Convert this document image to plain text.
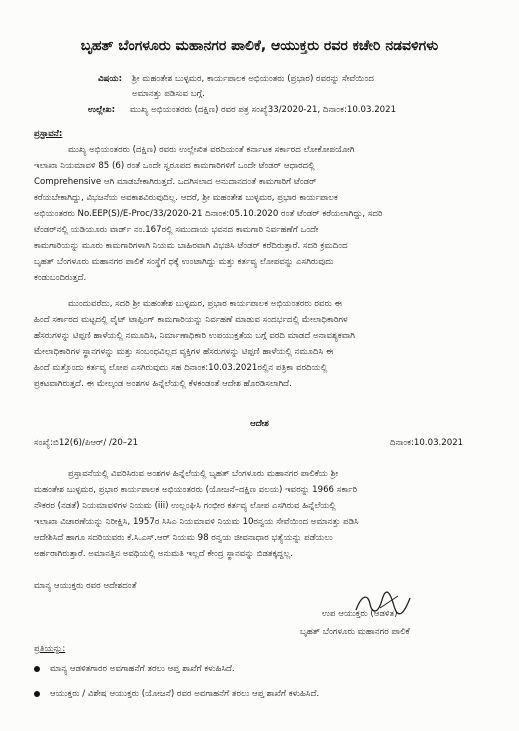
ಬೃಹತ್ ಬೆಂಗಳೂರು ಮಹಾನಗರ ಪಾಲಿಕೆ, ಆಯುಕ್ತರು ರವರ ಕಚೇರಿ ನಡವಳಿಗಳು
ವಿಷಯ: ಶ್ರೀ ಮಹಂತೇಶ ಬುಳ್ಳಮರ, ಕಾರ್ಯಪಾಲಕ ಅಭಿಯಂತರು (ಪ್ರಭಾರ) ರವರನ್ನು ಸೇವೆಯಿಂದ
ಅಮಾನತ್ತು ಪಡಿಸುವ ಬಗ್ಗೆ.
ಉಲ್ಲೇಖ: ಮುಖ್ಯ ಅಭಿಯಂತರರು (ದಕ್ಷಿಣ) ರವರ ಪತ್ರ ಸಂಖ್ಯೆ33/2020-21, ದಿನಾಂಕ:10.03.2021
ಪ್ರಸ್ತಾವನೆ:
ಮುಖ್ಯ ಅಭಿಯಂತರರು (ದಕ್ಷಿಣ) ರವರು ಉಲ್ಲೇಖಿತ ವರದಿಯಂತೆ ಕರ್ನಾಟಕ ಸರ್ಕಾರದ ಲೋಕೋಪಯೋಗಿ
ಇಲಾಖಾ ನಿಯಮಾವಳಿ 85 (6) ರಂತೆ ಒಂದೇ ಸ್ವರೂಪದ ಕಾಮಗಾರಿಗಳಿಗೆ ಒಂದೇ ಟೆಂಡರ್ ಆಧಾರದಲ್ಲಿ
Comprehensive ಆಗಿ ಮಾಡಬೇಕಾಗಿರುತ್ತದೆ. ಒದಗಿಸಲಾದ ಅನುದಾನದಂತೆ ಕಾಮಗಾರಿಗೆ ಟೆಂಡರ್
ಕರೆಯಬೇಕಾಗಿದ್ದು, ವಿಭಜನೆಯ ಅವಕಾಶವಿರುವುದಿಲ್ಲ. ಆದರೆ, ಶ್ರೀ ಮಹಂತೇಶ ಬುಳ್ಳಮರ, ಪ್ರಭಾರ ಕಾರ್ಯಪಾಲಕ
ಅಭಿಯಂತರರು No.EEP(S)/E-Proc/33/2020-21 ದಿನಾಂಕ:05.10.2020 ರಂತೆ ಟೆಂಡರ್ ಕರೆಯಲಾಗಿದ್ದು, ಸದರಿ
ಟೆಂಡರ್‌ನಲ್ಲಿ ಯಡಿಯೂರು ವಾರ್ಡ್ ನಂ.167ರಲ್ಲಿ ಸಮುದಾಯ ಭವನದ ಕಾಮಗಾರಿ ನಿರ್ವಹಣೆಗೆ ಒಂದೇ
ಕಾಮಗಾರಿಯನ್ನು ಮೂರು ಕಾಮಗಾರಿಗಳಾಗಿ ನಿಯಮ ಬಾಹಿರವಾಗಿ ವಿಭಜಿಸಿ ಟೆಂಡರ್ ಕರೆದಿರುತ್ತಾರೆ. ಸದರಿ ಕ್ರಮದಿಂದ
ಬೃಹತ್ ಬೆಂಗಳೂರು ಮಹಾನಗರ ಪಾಲಿಕೆ ಸಂಸ್ಥೆಗೆ ಧಕ್ಕೆ ಉಂಟಾಗಿದ್ದು ಮತ್ತು ಕರ್ತವ್ಯ ಲೋಪವನ್ನು ಎಸಗಿರುವುದು
ಕಂಡುಬಂದಿರುತ್ತದೆ.
ಮುಂದುವರೆದು, ಸದರಿ ಶ್ರೀ ಮಹಂತೇಶ ಬುಳ್ಳಮರ, ಪ್ರಭಾರ ಕಾರ್ಯಪಾಲಕ ಅಭಿಯಂತರರು ರವರು ಈ
ಹಿಂದೆ ಸರ್ಕಾರದ ಮಟ್ಟದಲ್ಲಿ ವೈಟ್ ಟಾಪ್ಪಿಂಗ್ ಕಾಮಗಾರಿಯನ್ನು ನಿರ್ವಹಣೆ ಮಾಡುವ ಸಂದರ್ಭದಲ್ಲಿ ಮೇಲಾಧಿಕಾರಿಗಳ
ಹೆಸರುಗಳನ್ನು ಟಿಪ್ಪಣಿ ಹಾಳೆಯಲ್ಲಿ ನಮೂದಿಸಿ, ನಿರ್ಮಾಣಾಧಿಕಾರಿ ಉಪಯುಕ್ತತೆಯ ಬಗ್ಗೆ ವರದಿ ಮಾಡದೆ ಅನಾವಶ್ಯಕವಾಗಿ
ಮೇಲಾಧಿಕಾರಿಗಳ ಸ್ಥಾನಗಳನ್ನು ಮತ್ತು ಸಂಬಂಧವಿಲ್ಲದ ವ್ಯಕ್ತಿಗಳ ಹೆಸರುಗಳನ್ನು ಟಿಪ್ಪಣಿ ಹಾಳೆಯಲ್ಲಿ ನಮೂದಿಸಿ ಈ
ಹಿಂದೆ ಮತ್ತೊಂದು ಕರ್ತವ್ಯ ಲೋಪ ಎಸಗಿರುವುದು ಸಹ ದಿನಾಂಕ:10.03.2021ರಲ್ಲಿನ ಪತ್ರಿಕಾ ವರದಿಯಲ್ಲಿ
ಪ್ರಕಟವಾಗಿರುತ್ತದೆ. ಈ ಮೇಲ್ಕಂಡ ಅಂಶಗಳ ಹಿನ್ನೆಲೆಯಲ್ಲಿ ಕೆಳಕಂಡಂತೆ ಆದೇಶ ಹೊರಡಿಸಲಾಗಿದೆ.
ಆದೇಶ
ಸಂಖ್ಯೆ:ಬಿ12(6)/ಪಿಆರ್/ /20–21	ದಿನಾಂಕ:10.03.2021
ಪ್ರಸ್ತಾವನೆಯಲ್ಲಿ ವಿವರಿಸಿರುವ ಅಂಶಗಳ ಹಿನ್ನೆಲೆಯಲ್ಲಿ ಬೃಹತ್ ಬೆಂಗಳೂರು ಮಹಾನಗರ ಪಾಲಿಕೆಯ ಶ್ರೀ
ಮಹಂತೇಶ ಬುಳ್ಳಮರ, ಪ್ರಭಾರ ಕಾರ್ಯಪಾಲಕ ಅಭಿಯಂತರರು (ಯೋಜನೆ–ದಕ್ಷಿಣ ವಲಯ) ಇವರನ್ನು 1966 ಸರ್ಕಾರಿ
ನೌಕರರ (ನಡತೆ) ನಿಯಮಾವಳಿಗಳ ನಿಯಮ (iii) ಉಲ್ಲಂಘಿಸಿ ಗಂಭೀರ ಕರ್ತವ್ಯ ಲೋಪ ಎಸಗಿರುವ ಹಿನ್ನೆಲೆಯಲ್ಲಿ
ಇಲಾಖಾ ವಿಚಾರಣೆಯನ್ನು ನಿರೀಕ್ಷಿಸಿ, 1957ರ ಸಿಸಿಎ ನಿಯಮಾವಳಿ ನಿಯಮ 10ರನ್ವಯ ಸೇವೆಯಿಂದ ಅಮಾನತ್ತು ಪಡಿಸಿ
ಆದೇಶಿಸಿದೆ ಹಾಗೂ ಸದರಿಯವರು ಕೆ.ಸಿ.ಎಸ್.ಆರ್ ನಿಯಮ 98 ರನ್ವಯ ಜೀವನಾಧಾರ ಭತ್ಯೆಯನ್ನು ಪಡೆಯಲು
ಅರ್ಹರಾಗಿರುತ್ತಾರೆ. ಅಮಾನತ್ತಿನ ಅವಧಿಯಲ್ಲಿ ಅನುಮತಿ ಇಲ್ಲದೆ ಕೇಂದ್ರ ಸ್ಥಾನವನ್ನು ಬಿಡತಕ್ಕದ್ದಲ್ಲ.
ಮಾನ್ಯ ಆಯುಕ್ತರು ರವರ ಆದೇಶದಂತೆ
ಉಪ ಆಯುಕ್ತರು (ಆಡಳಿತ)
ಬೃಹತ್ ಬೆಂಗಳೂರು ಮಹಾನಗರ ಪಾಲಿಕೆ
ಪ್ರತಿಯನ್ನು:
ಮಾನ್ಯ ಆಡಳಿತಗಾರರ ಅವಗಾಹನೆಗೆ ತರಲು ಆಪ್ತ ಶಾಖೆಗೆ ಕಳುಹಿಸಿದೆ.
ಆಯುಕ್ತರು / ವಿಶೇಷ ಆಯುಕ್ತರು (ಯೋಜನೆ) ರವರ ಅವಗಾಹನೆಗೆ ತರಲು ಆಪ್ತ ಶಾಖೆಗೆ ಕಳುಹಿಸಿದೆ.
